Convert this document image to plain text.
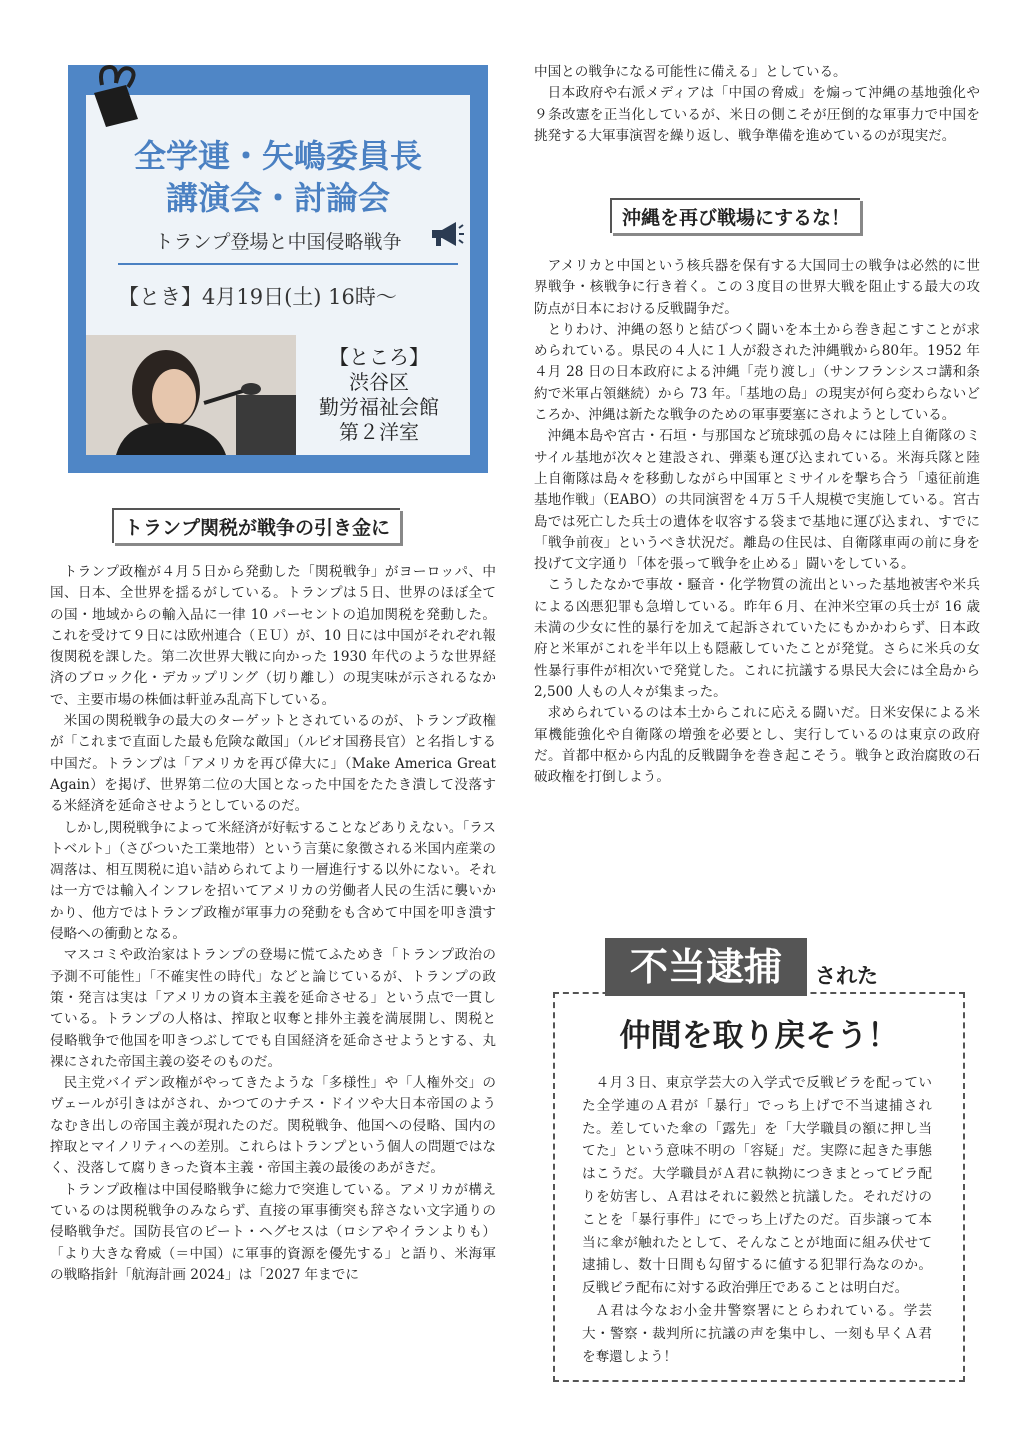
全学連・矢嶋委員長
講演会・討論会
トランプ登場と中国侵略戦争
【とき】4月19日(土) 16時～
【ところ】
渋谷区
勤労福祉会館
第２洋室
トランプ関税が戦争の引き金に

トランプ政権が４月５日から発動した「関税戦争」がヨーロッパ、中国、日本、全世界を揺るがしている。トランプは５日、世界のほぼ全ての国・地域からの輸入品に一律 10 パーセントの追加関税を発動した。これを受けて９日には欧州連合（ＥＵ）が、10 日には中国がそれぞれ報復関税を課した。第二次世界大戦に向かった 1930 年代のような世界経済のブロック化・デカップリング（切り離し）の現実味が示されるなかで、主要市場の株価は軒並み乱高下している。

米国の関税戦争の最大のターゲットとされているのが、トランプ政権が「これまで直面した最も危険な敵国」（ルビオ国務長官）と名指しする中国だ。トランプは「アメリカを再び偉大に」（Make America Great Again）を掲げ、世界第二位の大国となった中国をたたき潰して没落する米経済を延命させようとしているのだ。

しかし,関税戦争によって米経済が好転することなどありえない。「ラストベルト」（さびついた工業地帯）という言葉に象徴される米国内産業の凋落は、相互関税に追い詰められてより一層進行する以外にない。それは一方では輸入インフレを招いてアメリカの労働者人民の生活に襲いかかり、他方ではトランプ政権が軍事力の発動をも含めて中国を叩き潰す侵略への衝動となる。

マスコミや政治家はトランプの登場に慌てふためき「トランプ政治の予測不可能性」「不確実性の時代」などと論じているが、トランプの政策・発言は実は「アメリカの資本主義を延命させる」という点で一貫している。トランプの人格は、搾取と収奪と排外主義を満展開し、関税と侵略戦争で他国を叩きつぶしてでも自国経済を延命させようとする、丸裸にされた帝国主義の姿そのものだ。

民主党バイデン政権がやってきたような「多様性」や「人権外交」のヴェールが引きはがされ、かつてのナチス・ドイツや大日本帝国のようなむき出しの帝国主義が現れたのだ。関税戦争、他国への侵略、国内の搾取とマイノリティへの差別。これらはトランプという個人の問題ではなく、没落して腐りきった資本主義・帝国主義の最後のあがきだ。

トランプ政権は中国侵略戦争に総力で突進している。アメリカが構えているのは関税戦争のみならず、直接の軍事衝突も辞さない文字通りの侵略戦争だ。国防長官のピート・ヘグセスは（ロシアやイランよりも）「より大きな脅威（＝中国）に軍事的資源を優先する」と語り、米海軍の戦略指針「航海計画 2024」は「2027 年までに

中国との戦争になる可能性に備える」としている。

日本政府や右派メディアは「中国の脅威」を煽って沖縄の基地強化や９条改憲を正当化しているが、米日の側こそが圧倒的な軍事力で中国を挑発する大軍事演習を繰り返し、戦争準備を進めているのが現実だ。

沖縄を再び戦場にするな！

アメリカと中国という核兵器を保有する大国同士の戦争は必然的に世界戦争・核戦争に行き着く。この３度目の世界大戦を阻止する最大の攻防点が日本における反戦闘争だ。

とりわけ、沖縄の怒りと結びつく闘いを本土から巻き起こすことが求められている。県民の４人に１人が殺された沖縄戦から80年。1952 年４月 28 日の日本政府による沖縄「売り渡し」（サンフランシスコ講和条約で米軍占領継続）から 73 年。「基地の島」の現実が何ら変わらないどころか、沖縄は新たな戦争のための軍事要塞にされようとしている。

沖縄本島や宮古・石垣・与那国など琉球弧の島々には陸上自衛隊のミサイル基地が次々と建設され、弾薬も運び込まれている。米海兵隊と陸上自衛隊は島々を移動しながら中国軍とミサイルを撃ち合う「遠征前進基地作戦」（EABO）の共同演習を４万５千人規模で実施している。宮古島では死亡した兵士の遺体を収容する袋まで基地に運び込まれ、すでに「戦争前夜」というべき状況だ。離島の住民は、自衛隊車両の前に身を投げて文字通り「体を張って戦争を止める」闘いをしている。

こうしたなかで事故・騒音・化学物質の流出といった基地被害や米兵による凶悪犯罪も急増している。昨年６月、在沖米空軍の兵士が 16 歳未満の少女に性的暴行を加えて起訴されていたにもかかわらず、日本政府と米軍がこれを半年以上も隠蔽していたことが発覚。さらに米兵の女性暴行事件が相次いで発覚した。これに抗議する県民大会には全島から 2,500 人もの人々が集まった。

求められているのは本土からこれに応える闘いだ。日米安保による米軍機能強化や自衛隊の増強を必要とし、実行しているのは東京の政府だ。首都中枢から内乱的反戦闘争を巻き起こそう。戦争と政治腐敗の石破政権を打倒しよう。

不当逮捕	された
仲間を取り戻そう！

４月３日、東京学芸大の入学式で反戦ビラを配っていた全学連のＡ君が「暴行」でっち上げで不当逮捕された。差していた傘の「露先」を「大学職員の額に押し当てた」という意味不明の「容疑」だ。実際に起きた事態はこうだ。大学職員がＡ君に執拗につきまとってビラ配りを妨害し、Ａ君はそれに毅然と抗議した。それだけのことを「暴行事件」にでっち上げたのだ。百歩譲って本当に傘が触れたとして、そんなことが地面に組み伏せて逮捕し、数十日間も勾留するに値する犯罪行為なのか。反戦ビラ配布に対する政治弾圧であることは明白だ。

Ａ君は今なお小金井警察署にとらわれている。学芸大・警察・裁判所に抗議の声を集中し、一刻も早くＡ君を奪還しよう！
